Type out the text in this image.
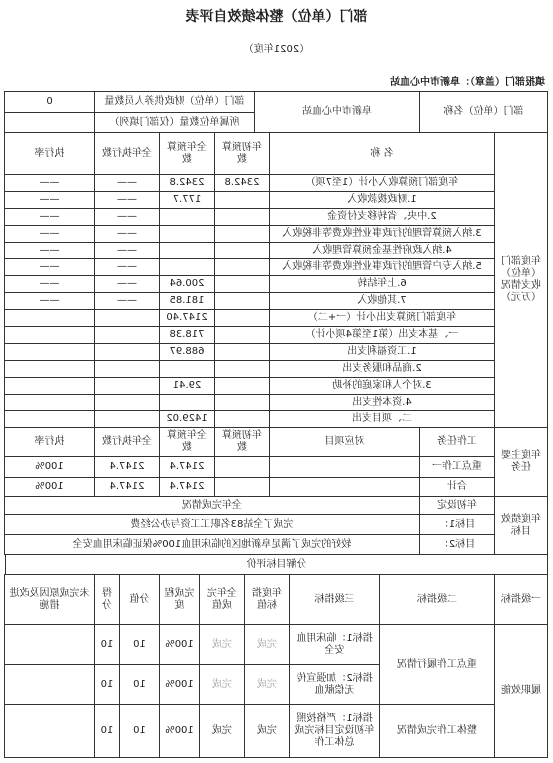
部门（单位）整体绩效自评表
（2021年度）
填报部门（盖章）：阜新市中心血站
部门（单位）名称	阜新市中心血站	部门（单位）财政供养人员数量	0
		所属单位数量（仅部门填列）	
年度部门（单位）收支情况（万元）	名 称	年初预算数	全年预算数	全年执行数	执行率
	年度部门预算收入小计（1至7项）	2342.8	2342.8	——	——
	1.财政拨款收入		177.7	——	——
	2.中央、省转移支付资金			——	——
	3.纳入预算管理的行政事业性收费等非税收入			——	——
	4.纳入政府性基金预算管理收入			——	——
	5.纳入专户管理的行政事业性收费等非税收入			——	——
	6.上年结转		200.64	——	——
	7.其他收入		181.85	——	——
	年度部门预算支出小计（一+二）		2147.40		
	一、基本支出（第1至第4项小计）		718.38		
	1.工资福利支出		688.97		
	2.商品和服务支出				
	3.对个人和家庭的补助		29.41		
	4.资本性支出				
	二、项目支出		1429.02		
年度主要任务	工作任务	对应项目	年初预算数	全年预算数	全年执行数	执行率
	重点工作一			2147.4	2147.4	100%
	合计			2147.4	2147.4	100%
年度绩效目标	年初设定	全年完成情况
	目标1：	完成了全站83名职工工资与办公经费
	目标2：	较好的完成了满足阜新地区的临床用血100%保证临床用血安全
分解目标评价
一级指标	二级指标	三级指标	年度指标值	全年完成值	完成程度	分值	得分	未完成原因及改进措施
履职效能	重点工作履行情况	指标1：临床用血安全	完成	完成	100%	10	10	
		指标2：加强宣传无偿献血	完成	完成	100%	10	10	
	整体工作完成情况	指标1：严格按照年初设定目标完成总体工作	完成	完成	100%	10	10	
